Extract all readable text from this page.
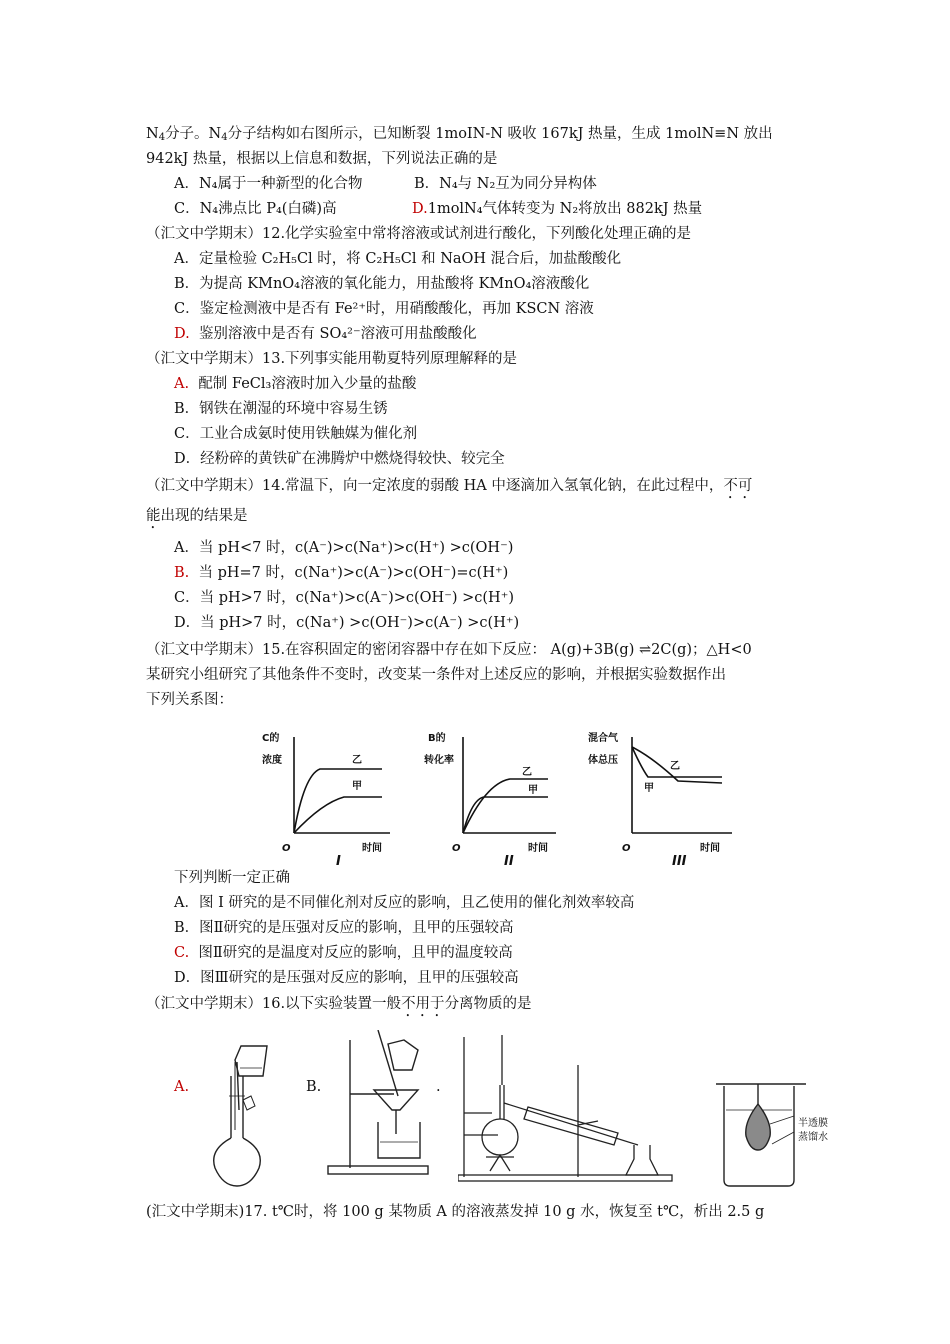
$N_4$分子。$N_4$分子结构如右图所示，已知断裂 1moIN-N 吸收 167kJ 热量，生成 1molN≡N 放出
942kJ 热量，根据以上信息和数据，下列说法正确的是
A．N₄属于一种新型的化合物	B．N₄与 N₂互为同分异构体
C．N₄沸点比 P₄(白磷)高	D.1molN₄气体转变为 N₂将放出 882kJ 热量
（汇文中学期末）12.化学实验室中常将溶液或试剂进行酸化，下列酸化处理正确的是
A．定量检验 C₂H₅Cl 时，将 C₂H₅Cl 和 NaOH 混合后，加盐酸酸化
B．为提高 KMnO₄溶液的氧化能力，用盐酸将 KMnO₄溶液酸化
C．鉴定检测液中是否有 Fe²⁺时，用硝酸酸化，再加 KSCN 溶液
D. 鉴别溶液中是否有 SO₄²⁻溶液可用盐酸酸化
（汇文中学期末）13.下列事实能用勒夏特列原理解释的是
A. 配制 FeCl₃溶液时加入少量的盐酸
B．钢铁在潮湿的环境中容易生锈
C．工业合成氨时使用铁触媒为催化剂
D．经粉碎的黄铁矿在沸腾炉中燃烧得较快、较完全
（汇文中学期末）14.常温下，向一定浓度的弱酸 HA 中逐滴加入氢氧化钠，在此过程中，不可
能出现的结果是
A．当 pH<7 时，c(A⁻)>c(Na⁺)>c(H⁺) >c(OH⁻)
B. 当 pH=7 时，c(Na⁺)>c(A⁻)>c(OH⁻)=c(H⁺)
C．当 pH>7 时，c(Na⁺)>c(A⁻)>c(OH⁻) >c(H⁺)
D．当 pH>7 时，c(Na⁺) >c(OH⁻)>c(A⁻) >c(H⁺)
（汇文中学期末）15.在容积固定的密闭容器中存在如下反应： A(g)+3B(g) ⇌2C(g)；△H<0
某研究小组研究了其他条件不变时，改变某一条件对上述反应的影响，并根据实验数据作出
下列关系图：
C的
浓度	乙
甲
O	时间
B的
转化率
乙
甲
O	时间
混合气
体总压
乙
甲
O	时间
I	II	III
下列判断一定正确
A．图 I 研究的是不同催化剂对反应的影响，且乙使用的催化剂效率较高
B．图Ⅱ研究的是压强对反应的影响，且甲的压强较高
C. 图Ⅱ研究的是温度对反应的影响，且甲的温度较高
D．图Ⅲ研究的是压强对反应的影响，且甲的压强较高
（汇文中学期末）16.以下实验装置一般不用于分离物质的是
A.	B.	.
半透膜
蒸馏水
(汇文中学期末)17. t℃时，将 100 g 某物质 A 的溶液蒸发掉 10 g 水，恢复至 t℃，析出 2.5 g
